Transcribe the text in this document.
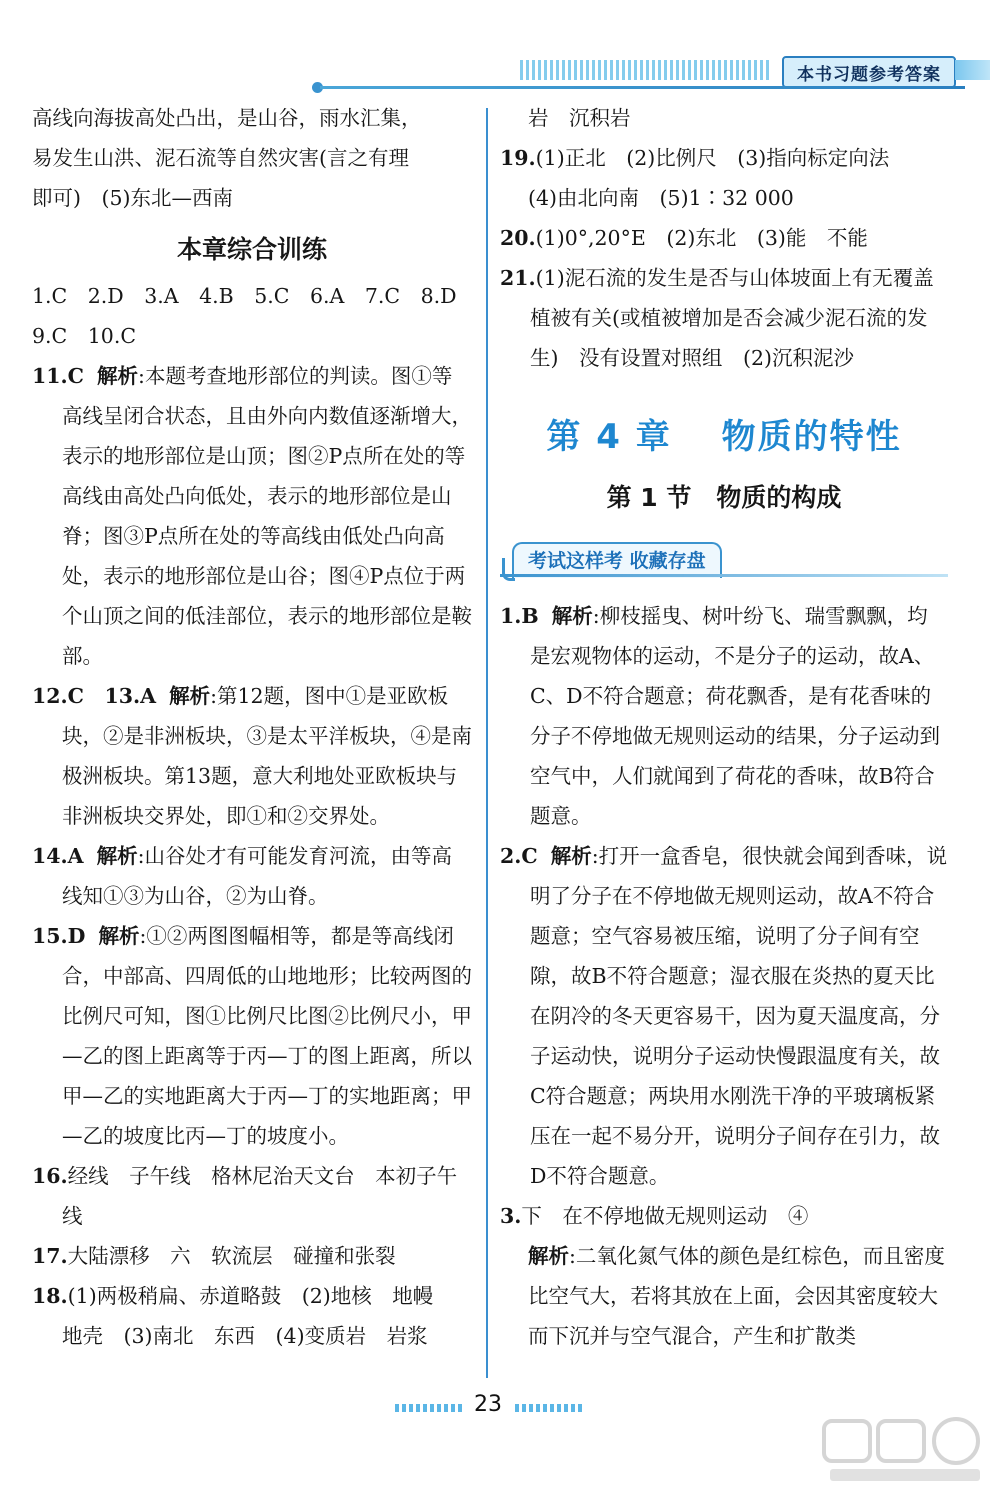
本书习题参考答案

高线向海拔高处凸出，是山谷，雨水汇集，

易发生山洪、泥石流等自然灾害(言之有理

即可)　(5)东北—西南

本章综合训练

1.C　2.D　3.A　4.B　5.C　6.A　7.C　8.D

9.C　10.C

11.C 解析:本题考查地形部位的判读。图①等高线呈闭合状态，且由外向内数值逐渐增大，表示的地形部位是山顶；图②P点所在处的等高线由高处凸向低处，表示的地形部位是山脊；图③P点所在处的等高线由低处凸向高处，表示的地形部位是山谷；图④P点位于两个山顶之间的低洼部位，表示的地形部位是鞍部。

12.C　13.A 解析:第12题，图中①是亚欧板块，②是非洲板块，③是太平洋板块，④是南极洲板块。第13题，意大利地处亚欧板块与非洲板块交界处，即①和②交界处。

14.A 解析:山谷处才有可能发育河流，由等高线知①③为山谷，②为山脊。

15.D 解析:①②两图图幅相等，都是等高线闭合，中部高、四周低的山地地形；比较两图的比例尺可知，图①比例尺比图②比例尺小，甲—乙的图上距离等于丙—丁的图上距离，所以甲—乙的实地距离大于丙—丁的实地距离；甲—乙的坡度比丙—丁的坡度小。

16.经线　子午线　格林尼治天文台　本初子午线

17.大陆漂移　六　软流层　碰撞和张裂

18.(1)两极稍扁、赤道略鼓　(2)地核　地幔　地壳　(3)南北　东西　(4)变质岩　岩浆

岩　沉积岩

19.(1)正北　(2)比例尺　(3)指向标定向法

(4)由北向南　(5)1∶32 000

20.(1)0°,20°E　(2)东北　(3)能　不能

21.(1)泥石流的发生是否与山体坡面上有无覆盖植被有关(或植被增加是否会减少泥石流的发生)　没有设置对照组　(2)沉积泥沙

第 4 章　 物质的特性

第 1 节　物质的构成

考试这样考 收藏存盘

1.B 解析:柳枝摇曳、树叶纷飞、瑞雪飘飘，均是宏观物体的运动，不是分子的运动，故A、C、D不符合题意；荷花飘香，是有花香味的分子不停地做无规则运动的结果，分子运动到空气中，人们就闻到了荷花的香味，故B符合题意。

2.C 解析:打开一盒香皂，很快就会闻到香味，说明了分子在不停地做无规则运动，故A不符合题意；空气容易被压缩，说明了分子间有空隙，故B不符合题意；湿衣服在炎热的夏天比在阴冷的冬天更容易干，因为夏天温度高，分子运动快，说明分子运动快慢跟温度有关，故C符合题意；两块用水刚洗干净的平玻璃板紧压在一起不易分开，说明分子间存在引力，故D不符合题意。

3.下　在不停地做无规则运动　④

解析:二氧化氮气体的颜色是红棕色，而且密度比空气大，若将其放在上面，会因其密度较大而下沉并与空气混合，产生和扩散类

23
